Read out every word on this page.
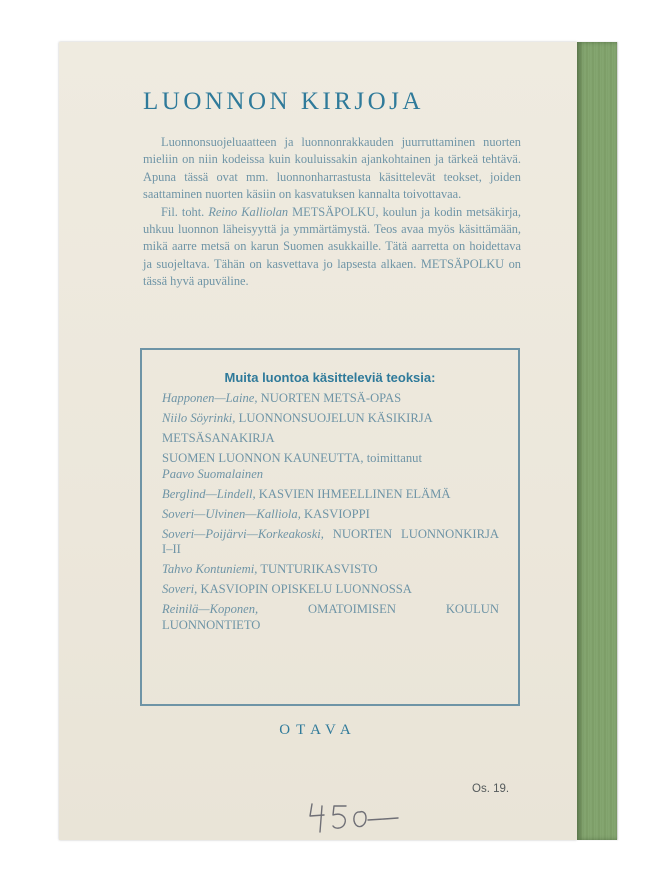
LUONNON KIRJOJA

Luonnonsuojeluaatteen ja luonnonrakkauden juurruttaminen nuorten mieliin on niin kodeissa kuin kouluissakin ajankohtainen ja tärkeä tehtävä. Apuna tässä ovat mm. luonnonharrastusta käsittelevät teokset, joiden saattaminen nuorten käsiin on kasvatuksen kannalta toivottavaa.

Fil. toht. Reino Kalliolan METSÄPOLKU, koulun ja kodin metsäkirja, uhkuu luonnon läheisyyttä ja ymmärtämystä. Teos avaa myös käsittämään, mikä aarre metsä on karun Suomen asukkaille. Tätä aarretta on hoidettava ja suojeltava. Tähän on kasvettava jo lapsesta alkaen. METSÄPOLKU on tässä hyvä apuväline.

Muita luontoa käsitteleviä teoksia:
Happonen—Laine, NUORTEN METSÄ-OPAS
Niilo Söyrinki, LUONNONSUOJELUN KÄSIKIRJA
METSÄSANAKIRJA
SUOMEN LUONNON KAUNEUTTA, toimittanut
Paavo Suomalainen
Berglind—Lindell, KASVIEN IHMEELLINEN ELÄMÄ
Soveri—Ulvinen—Kalliola, KASVIOPPI
Soveri—Poijärvi—Korkeakoski, NUORTEN LUONNONKIRJA I–II
Tahvo Kontuniemi, TUNTURIKASVISTO
Soveri, KASVIOPIN OPISKELU LUONNOSSA
Reinilä—Koponen,	OMATOIMISEN KOULUN LUONNONTIETO
OTAVA
Os. 19.
